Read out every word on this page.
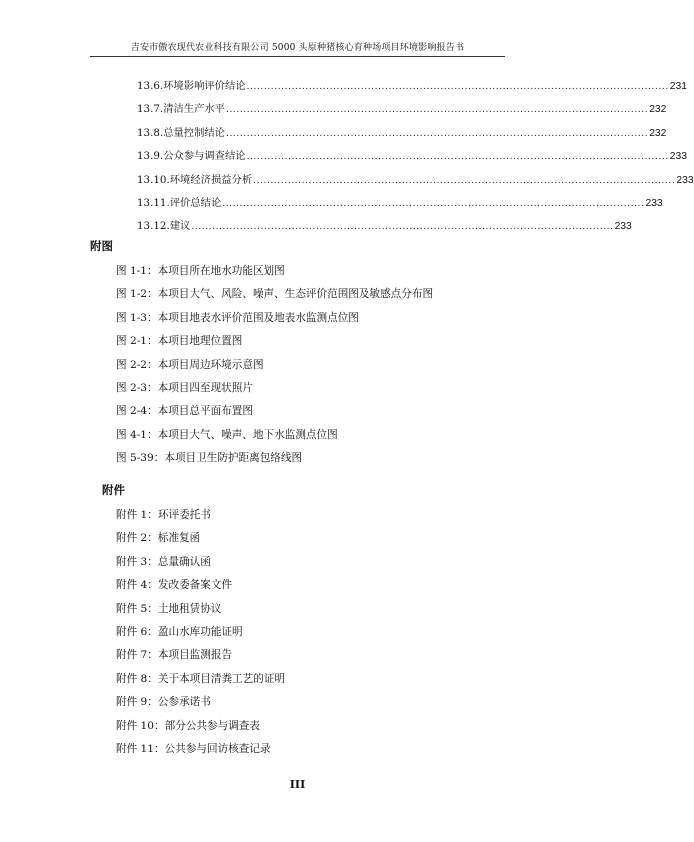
吉安市傲农现代农业科技有限公司 5000 头原种猪核心育种场项目环境影响报告书
13.6.环境影响评价结论 .......................................................................................................................... 231
13.7.清洁生产水平 .......................................................................................................................... 232
13.8.总量控制结论 .......................................................................................................................... 232
13.9.公众参与调查结论 .......................................................................................................................... 233
13.10.环境经济损益分析 .......................................................................................................................... 233
13.11.评价总结论 .......................................................................................................................... 233
13.12.建议 .......................................................................................................................... 233
附图
图 1-1：本项目所在地水功能区划图
图 1-2：本项目大气、风险、噪声、生态评价范围图及敏感点分布图
图 1-3：本项目地表水评价范围及地表水监测点位图
图 2-1：本项目地理位置图
图 2-2：本项目周边环境示意图
图 2-3：本项目四至现状照片
图 2-4：本项目总平面布置图
图 4-1：本项目大气、噪声、地下水监测点位图
图 5-39：本项目卫生防护距离包络线图
附件
附件 1：环评委托书
附件 2：标准复函
附件 3：总量确认函
附件 4：发改委备案文件
附件 5：土地租赁协议
附件 6：盈山水库功能证明
附件 7：本项目监测报告
附件 8：关于本项目清粪工艺的证明
附件 9：公参承诺书
附件 10：部分公共参与调查表
附件 11：公共参与回访核查记录
III
